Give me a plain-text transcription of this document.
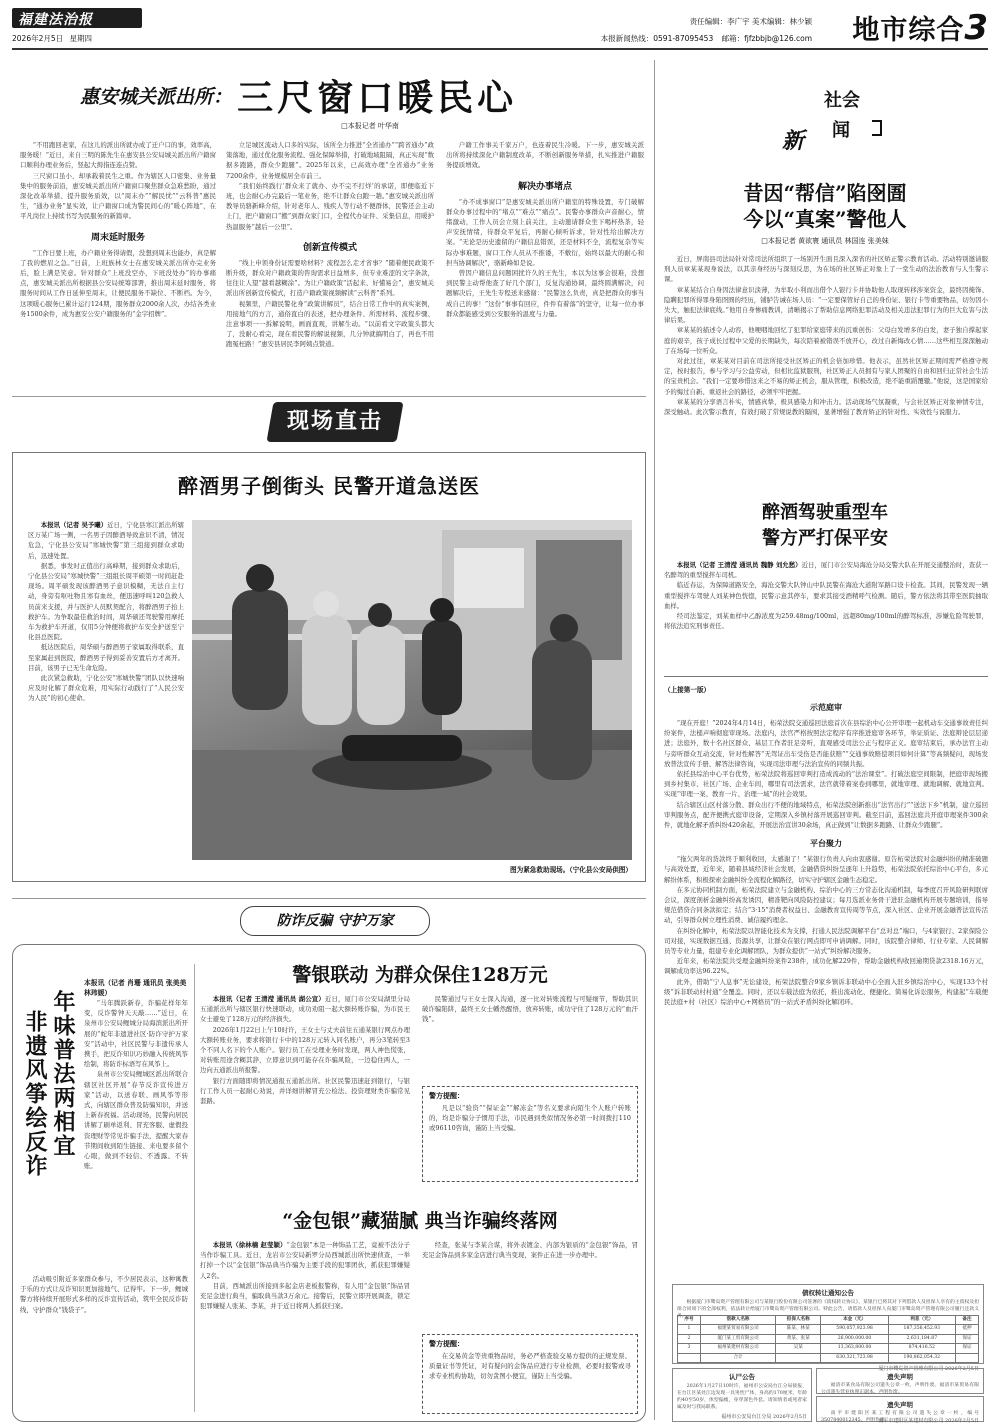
福建法治报
2026年2月5日 星期四
责任编辑：李广宇 美术编辑：林少颖
本报新闻热线：0591-87095453 邮箱：fjfzbbjb@126.com	地市综合3
惠安城关派出所： 三尺窗口暖民心
□本报记者 叶华南

“不用跑回老家，在这儿的派出所就办成了迁户口的事，效率高，服务暖！”近日，来自三明的陈先生在惠安县公安局城关派出所户籍窗口顺利办理业务后，竖起大拇指连连点赞。

三尺窗口虽小，却承载着民生之重。作为辖区人口密集、业务量集中的服务前沿，惠安城关派出所户籍窗口聚焦群众急难愁盼，通过深化改革举措、提升服务质效，以“周末办”“解民忧”“云科普”惠民生，“通办业务”显实效，让户籍窗口成为警民间心的“暖心阵地”，在平凡岗位上持续书写为民服务的新篇章。

周末延时服务

“工作日要上班，办户籍业务得请假，没想到周末也能办，真是解了我的燃眉之急。”日前，上班族林女士在惠安城关派出所办完业务后，脸上满是笑意。针对群众“上班没空办，下班没处办”的办事痛点，惠安城关派出所根据县公安局统筹部署，推出周末延时服务，将服务时间从工作日延伸至周末，让便民服务不缺位、不断档。为今，这项暖心服务已累计运行124期，服务群众2000余人次，办结各类业务1500余件，成为惠安公安户籍服务的“金字招牌”。

立足城区流动人口多的实际，该所全力推进“全省通办”“跨省通办”政策落地，通过优化服务流程、强化保障举措，打破地域阻隔，真正实现“数据多跑路，群众少跑腿”。2025年以来，已高效办理“全省通办”业务7200余件，业务规模居全市前三。

“我们始终践行‘群众来了就办、办不完不打烊’的承诺，即便临近下班，也会耐心办完最后一笔业务，绝不让群众白跑一趟。”惠安城关派出所教导员骆新峰介绍，针对老年人、残疾人等行动不便群体，民警还会主动上门，把户籍窗口“搬”到群众家门口，全程代办证件、采集信息，用暖护热温服务“越后一公里”。

创新宣传模式

“线上申领身份证需要啥材料？流程怎么走才省事？”随着便民政策不断升级，群众对户籍政策的咨询需求日益增多，但专业难涩的文字条款，往往让人望“越看越糊涂”。为让户籍政策“活起来、好懂易会”，惠安城关派出所创新宣传模式，打造户籍政策视频解读“云科普”系列。

视频里，户籍民警化身“政策讲解员”，结合日常工作中的真实案例，用接地气的方言，通俗直白的表述，把办理条件、所需材料、流程步骤、注意事项一一拆解说明，画面直观，讲解生动。“以前看文字政策头都大了，没耐心看完，现在看民警的解说视频，几分钟就搞明白了，再也不用跑冤枉路！”惠安县居民李阿姨点赞道。

户籍工作事关千家万户，也连着民生冷暖。下一步，惠安城关派出所将持续深化户籍制度改革，不断创新服务举措，扎实推进户籍服务提质增效。

解决办事堵点

“办不成事窗口”是惠安城关派出所户籍室的特殊设置，专门破解群众办事过程中的“堵点”“难点”“痛点”。民警办事群众声音耐心，情绪激动，工作人员会立刻上前关注，主动邀请群众坐下喝杯热茶，轻声安抚情绪，待群众平复后，再耐心倾听诉求，针对性给出解决方案。“无论是历史遗留的户籍信息错误，还是材料不全，流程复杂等实际办事难题，窗口工作人员从不推诿，不敷衍，始终以最大的耐心和担当协调解决”，骆新峰如是说。

曾因户籍信息问题困扰许久的王先生，本以为这事会很难，没想到民警主动帮他查了好几个部门，反复沟通协调，最终圆满解决，问题解决后，王先生专程送来感谢：“民警这么负责，真是把群众的事当成自己的事！”这份“事事有回应，件件有着落”的坚守，让每一位办事群众都能感受到公安服务的温度与力量。

社会
新 闻
昔因“帮信”陷囹圄
今以“真案”警他人
□本报记者 黄欲寰 通讯员 林国连 张美妹

近日，屏南县司法局针对常司法所组织了一场别开生面且深入深省的社区矫正警示教育活动。活动特别邀请服刑人员章某某现身说法，以其亲身经历与深刻反思，为在场的社区矫正对象上了一堂生动的法治教育与人生警示课。

章某某结合自身因法律意识淡薄，为牟取小利而出借个人银行卡并协助他人取现转移涉案资金，最终因掩饰、隐瞒犯罪所得罪身陷囹圄的经历，铺胪告诫在场人员：“一定要保管好自己的身份证、银行卡等重要物品，切勿因小失大，触犯法律底线。”他用自身惨痛教训，清晰揭示了帮助信息网络犯罪活动及相关违法犯罪行为的巨大危害与法律后果。

章某某的描述令人动容，他哽咽地回忆了犯罪给家庭带来的沉重创伤：父母白发增多的白发，妻子独自撑起家庭的艰辛，孩子成长过程中父爱的长期缺失，每次陪着被错误不放开心，改过自新悔改心情……这些相互深深触动了在场每一位听众。

对此过往，章某某对目前在司法所接受社区矫正的机会倍加珍惜。他表示，虽然社区矫正期间需严格遵守规定，按时报告，参与学习与公益劳动，但相比监狱服刑，社区矫正人员拥有与家人团聚的自由和回归正常社会生活的宝贵机会。“我们一定要珍惜这来之不易的矫正机会，服从管理，积极改造，绝不能重蹈覆辙。”他说，这是国家给予的悔过自新、重返社会的路径，必须牢牢把握。

章某某的分享语言朴实，情感真挚，极具感染力和冲击力。活动现场气氛凝重，与会社区矫正对象神情专注，深受触动。此次警示教育，有效打破了常规说教的隔阂，显著增强了教育矫正的针对性、实效性与说服力。

醉酒驾驶重型车
警方严打保平安

本报讯（记者 王清滢 通讯员 魏静 刘允愁）近日，厦门市公安局海沧分局交警大队在开展交通整治时，查获一名醉驾的重型搅拌车司机。

临近春运，为保障道路安全，海沧交警大队钟山中队民警在海沧大道附军路口设卡检查。其间，民警发现一辆重型搅拌车驾驶人刘某神色恍惚，民警示意其停车，要求其接受酒精呼气检测。随后，警方依法将其带至医院抽取血样。

经司法鉴定，刘某血样中乙醇浓度为259.48mg/100ml，远超80mg/100ml的醉驾标准，涉嫌危险驾驶罪，将依法追究刑事责任。

（上接第一版）

示范庭审

“现在开庭！”2024年4月14日，柘荣法院交通巡回法庭首次在县综治中心公开审理一起机动车交通事故责任纠纷案件，法槌声响彻庭审现场。法庭内，法官严格按照法定程序有序推进庭审各环节，举证质证、法庭辩论层层递进；法庭外，数十名社区群众、基层工作者驻足旁听，直观感受司法公正与程序正义。庭审结束后，承办法官主动与旁听群众互动交流，针对性解答“无驾证出车受伤是否能获赔”“交通事故赔偿项目如何计算”等高频疑问，现场发放普法宣传手册、解答法律咨询，实现司法审理与法治宣传的同频共振。

依托县综治中心平台优势，柘荣法院将巡回审判打造成流动的“法治课堂”。打破法庭空间限制，把庭审现场搬到乡村集市、社区广场、企业车间，哪里有司法需求，法官就带着案卷到哪里，就地审理、就地调解、就地宣判。实现“审理一案、教育一片、治理一域”的社会效果。

结合辖区山区村落分散、群众出行不便的地域特点，柘荣法院创新推出“法官出行”“送法下乡”机制，建立巡回审判服务点，配齐便携式庭审设备，定期深入乡镇村落开展巡回审判。截至目前，巡回法庭共开庭审理案件300余件，就地化解矛盾纠纷420余起，开展法治宣讲30余场，真正做到“让数据多跑路、让群众少跑腿”。

平台聚力

“拖欠两年的货款终于顺利收回，太感谢了！”某银行负责人向由衷感谢。原告柘荣法院对金融纠纷的精准破题与高效处置，近年来，随着县域经济社会发展，金融借贷纠纷呈逐年上升趋势，柘荣法院依托综治中心平台，多元解纷体系，积极探索金融纠纷全流程化解路径，切实守护辖区金融生态稳定。

在多元协同机制方面，柘荣法院建立与金融机构、综治中心的三方常态化沟通机制，每季度召开风险研判联席会议，深度剖析金融纠纷高发诱因，精准靶向风险防控建议；每月选派业务骨干进驻金融机构开展专题培训，指导规范借贷合同条款拟定；结合“3·15”消费者权益日、金融教育宣传周等节点，深入社区、企业开展金融普法宣传活动，引导群众树立理性消费、诚信履约理念。

在纠纷化解中，柘荣法院以智能化技术为支撑，打通人民法院调解平台“总对总”端口，与4家银行、2家保险公司对接，实现数据互通、资源共享，让群众在银行网点即可申请调解。同时，该院整合律师、行业专家、人民调解员等专业力量，组建专业化调解团队，为群众提供“一站式”纠纷解决服务。

近年来，柘荣法院共受理金融纠纷案件238件，成功化解229件，帮助金融机构收回逾期贷款2318.16万元，调解成功率达96.22%。

此外，借助“宁人息事”无讼建设，柘荣法院整合9家乡镇诉非联动中心全面入驻乡镇综治中心，实现133个村级“诉非联动村村通”全覆盖。同时，还以车载法庭为依托，推出流动化、便捷化、简易化诉讼服务，构建起“车载便民法庭+村（社区）综治中心+网格员”的一站式矛盾纠纷化解闭环。

债权转让通知公告
根据厦门市鹭岛资产管理有限公司与某银行股份有限公司签署的《债权转让协议》，某银行已将其对下列借款人及担保人享有的主债权及担保合同项下的全部权利，依法转让给厦门市鹭岛资产管理有限公司。特此公告，请借款人及担保人向厦门市鹭岛资产管理有限公司履行还款义务。
序号	借款人名称	担保人名称	本金（元）	利息（元）	备注
1	福建某贸易有限公司	陈某、林某	590,057,923.98	187,356,452.93	抵押
2	厦门某工贸有限公司	黄某、张某	26,900,000.00	2,631,184.87	保证
3	福州某建材有限公司	吴某	13,363,800.00	874,416.52	保证
	合计		630,321,723.98	190,862,054.32	
厦门市鹭岛资产管理有限公司 2026年2月5日
认尸公告
2026年1月27日10时许，福州市公安局台江分局接报，在台江区某处江边发现一具男性尸体，身高约170厘米，年龄约40至50岁，体型偏瘦，身穿深色外套。请知情者或死者家属及时与我局联系。
福州市公安局台江分局 2026年2月5日
遗失声明
福清市某食品有限公司遗失公章一枚，声明作废。福清市某贸易有限公司遗失营业执照正副本，声明作废。
遗失声明
南平市建阳区某工程有限公司遗失公章一枚，编号3507840012345，声明作废。
南平市建阳区某建材有限公司 2026年2月5日
现场直击
醉酒男子倒街头 民警开道急送医

本报讯（记者 吴予曦）近日，宁化县寒江派出所辖区万某广场一侧，一名男子因醉酒导致意识不清，情况危急，宁化县公安局“寒城快警”第三组接到群众求助后，迅速处置。

据悉，事发时正值出行高峰期，接到群众求助后，宁化县公安局“寒城快警”三组组长周平硕第一时间赶赴现场。周平硕发现该醉酒男子意识模糊，无法自主行动，身旁有呕吐物且寒有血丝，便迅速呼叫120急救人员前来支援，并与医护人员默契配合，将醉酒男子抬上救护车。为争取最佳救治时间，周华硕还驾驶警用摩托车为救护车开道，仅用5分钟便将救护车安全护送至宁化县总医院。

抵达医院后，周华硕与醉酒男子家属取得联系，直至家属赶到医院，醉酒男子得到妥善安置后方才离开。目前，该男子已无生命危险。

此次紧急救助，宁化公安“寒城快警”团队以快速响应及时化解了群众危难，用实际行动践行了“人民公安为人民”的初心使命。

图为紧急救助现场。（宁化县公安局供图）
防诈反骗 守护万家
年味普法两相宜
非遗风筝绘反诈

本报讯（记者 肖珊 通讯员 张美美 林玮媛）

“马年腾跃新春，诈骗花样年年变，反诈警钟天天敲……”近日，在泉州市公安局鲤城分局海滨派出所开展的“蛇年非遗进社区·防诈守护万家安”活动中，社区民警与非遗传承人携手，把反诈知识巧妙融入传统风筝绘制，将防诈标语写在风筝上。

泉州市公安局鲤城区派出所联合辖区社区开展“春节反诈宣传进万家”活动，以送春联、画风筝等形式，向辖区群众普及防骗知识，并送上新春祝福。活动现场，民警向居民讲解了刷单返利、冒充客服、虚假投资理财等常见诈骗手法，提醒大家春节期间收到陌生链接、来电要多留个心眼，做到不轻信、不透露、不转账。

活动吸引附近多家群众参与，不少居民表示，这种寓教于乐的方式让反诈知识更加接地气、记得牢。下一步，鲤城警方将持续开展形式多样的反诈宣传活动，筑牢全民反诈防线，守护群众“钱袋子”。

警银联动 为群众保住128万元

本报讯（记者 王清滢 通讯员 湖公宣）近日，厦门市公安局湖里分局五通派出所与辖区银行快速联动，成功劝阻一起大额转账诈骗，为市民王女士避免了128万元的经济损失。

2026年1月22日上午10时许，王女士与丈夫前往五通某银行网点办理大额转账业务，要求将银行卡中的128万元转入同名账户，再分3笔转至3个不同人名下的个人账户。银行员工在受理业务时发现，两人神色慌张，对转账用途含糊其辞，立即意识到可能存在诈骗风险，一边稳住两人，一边向五通派出所报警。

银行方面随即将情况通报五通派出所。社区民警迅速赶到银行，与银行工作人员一起耐心劝说，并详细讲解冒充公检法、投资理财类诈骗常见套路。

民警通过与王女士深入沟通，逐一比对转账流程与可疑细节，帮助其识破诈骗陷阱，最终王女士幡然醒悟，放弃转账，成功守住了128万元的“血汗钱”。

警方提醒：
凡是以“验资”“保证金”“解冻金”等名义要求向陌生个人账户转账的，均是诈骗分子惯用手法，市民遇到类似情况务必第一时间拨打110或96110咨询，谨防上当受骗。
“金包银”藏猫腻 典当诈骗终落网

本报讯（徐林楠 赵莹颖）“金包银”本是一种饰品工艺，竟被不法分子当作诈骗工具。近日，龙岩市公安局新罗分局西城派出所快速侦查，一举打掉一个以“金包银”饰品典当诈骗为主要手段的犯罪团伙，抓获犯罪嫌疑人2名。

目前，西城派出所接到多起金店老板报警称，有人用“金包银”饰品冒充足金进行典当，骗取典当款3万余元。接警后，民警立即开展调查，锁定犯罪嫌疑人张某、李某，并于近日将两人抓获归案。

经查，张某与李某合谋，将外表镀金、内部为银质的“金包银”饰品，冒充足金饰品到多家金店进行典当变现，案件正在进一步办理中。

警方提醒：
在交易黄金等贵重物品时，务必严格查验交易方提供的正规发票、质量证书等凭证，对有疑问的金饰品应进行专业检测，必要时报警或寻求专业机构协助，切勿贪图小便宜，谨防上当受骗。
